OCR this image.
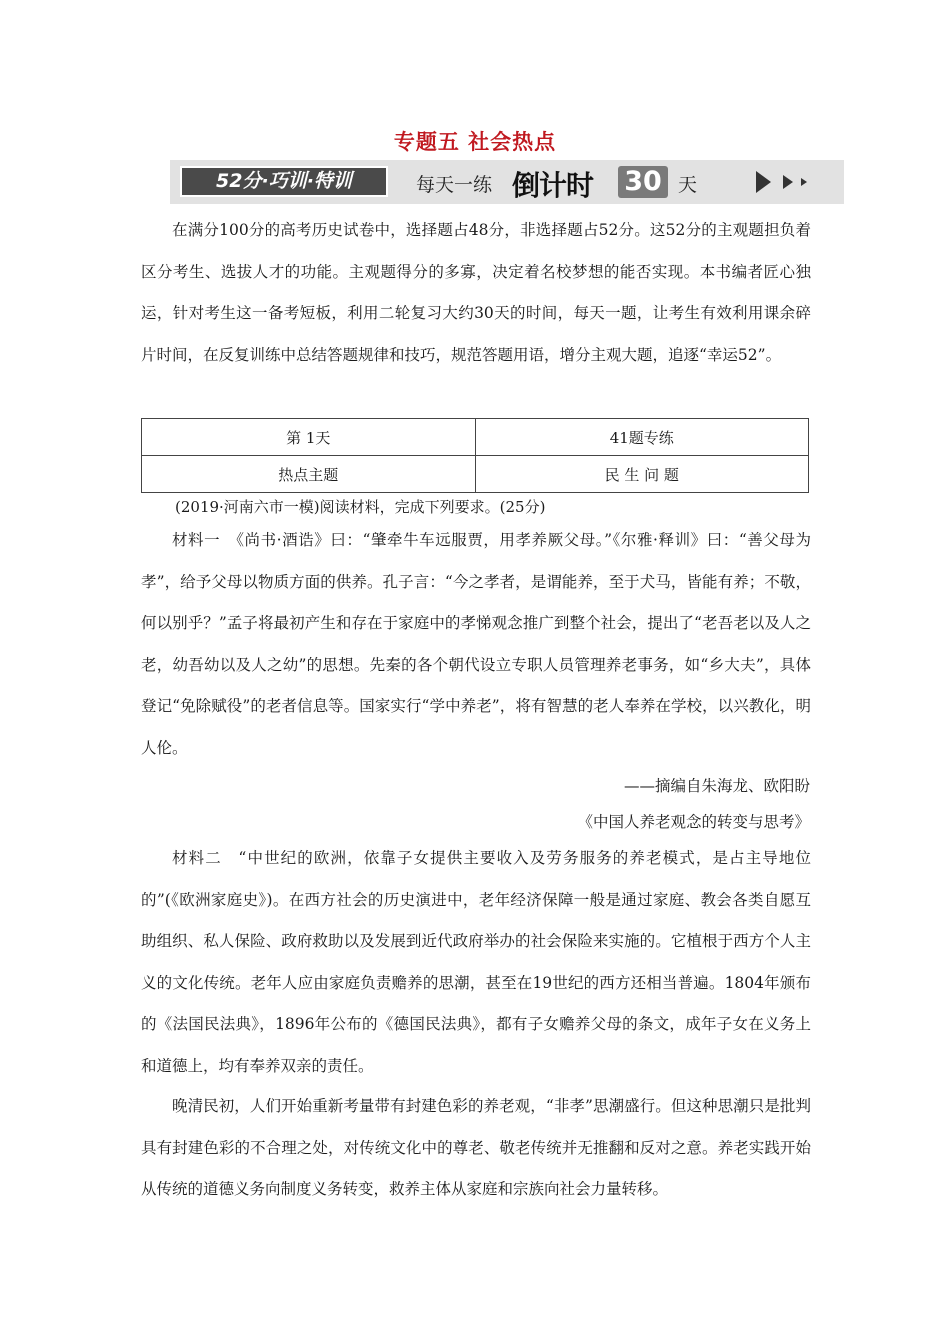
专题五 社会热点
52分·巧训·特训	每天一练 倒计时 30 天

在满分100分的高考历史试卷中，选择题占48分，非选择题占52分。这52分的主观题担负着区分考生、选拔人才的功能。主观题得分的多寡，决定着名校梦想的能否实现。本书编者匠心独运，针对考生这一备考短板，利用二轮复习大约30天的时间，每天一题，让考生有效利用课余碎片时间，在反复训练中总结答题规律和技巧，规范答题用语，增分主观大题，追逐“幸运52”。

第 1天	41题专练
热点主题	民 生 问 题

(2019·河南六市一模)阅读材料，完成下列要求。(25分)

材料一　《尚书·酒诰》曰：“肇牵牛车远服贾，用孝养厥父母。”《尔雅·释训》曰：“善父母为孝”，给予父母以物质方面的供养。孔子言：“今之孝者，是谓能养，至于犬马，皆能有养；不敬，何以别乎？”孟子将最初产生和存在于家庭中的孝悌观念推广到整个社会，提出了“老吾老以及人之老，幼吾幼以及人之幼”的思想。先秦的各个朝代设立专职人员管理养老事务，如“乡大夫”，具体登记“免除赋役”的老者信息等。国家实行“学中养老”，将有智慧的老人奉养在学校，以兴教化，明人伦。

——摘编自朱海龙、欧阳盼

《中国人养老观念的转变与思考》

材料二　“中世纪的欧洲，依靠子女提供主要收入及劳务服务的养老模式，是占主导地位的”(《欧洲家庭史》)。在西方社会的历史演进中，老年经济保障一般是通过家庭、教会各类自愿互助组织、私人保险、政府救助以及发展到近代政府举办的社会保险来实施的。它植根于西方个人主义的文化传统。老年人应由家庭负责赡养的思潮，甚至在19世纪的西方还相当普遍。1804年颁布的《法国民法典》，1896年公布的《德国民法典》，都有子女赡养父母的条文，成年子女在义务上和道德上，均有奉养双亲的责任。

晚清民初，人们开始重新考量带有封建色彩的养老观，“非孝”思潮盛行。但这种思潮只是批判具有封建色彩的不合理之处，对传统文化中的尊老、敬老传统并无推翻和反对之意。养老实践开始从传统的道德义务向制度义务转变，救养主体从家庭和宗族向社会力量转移。
